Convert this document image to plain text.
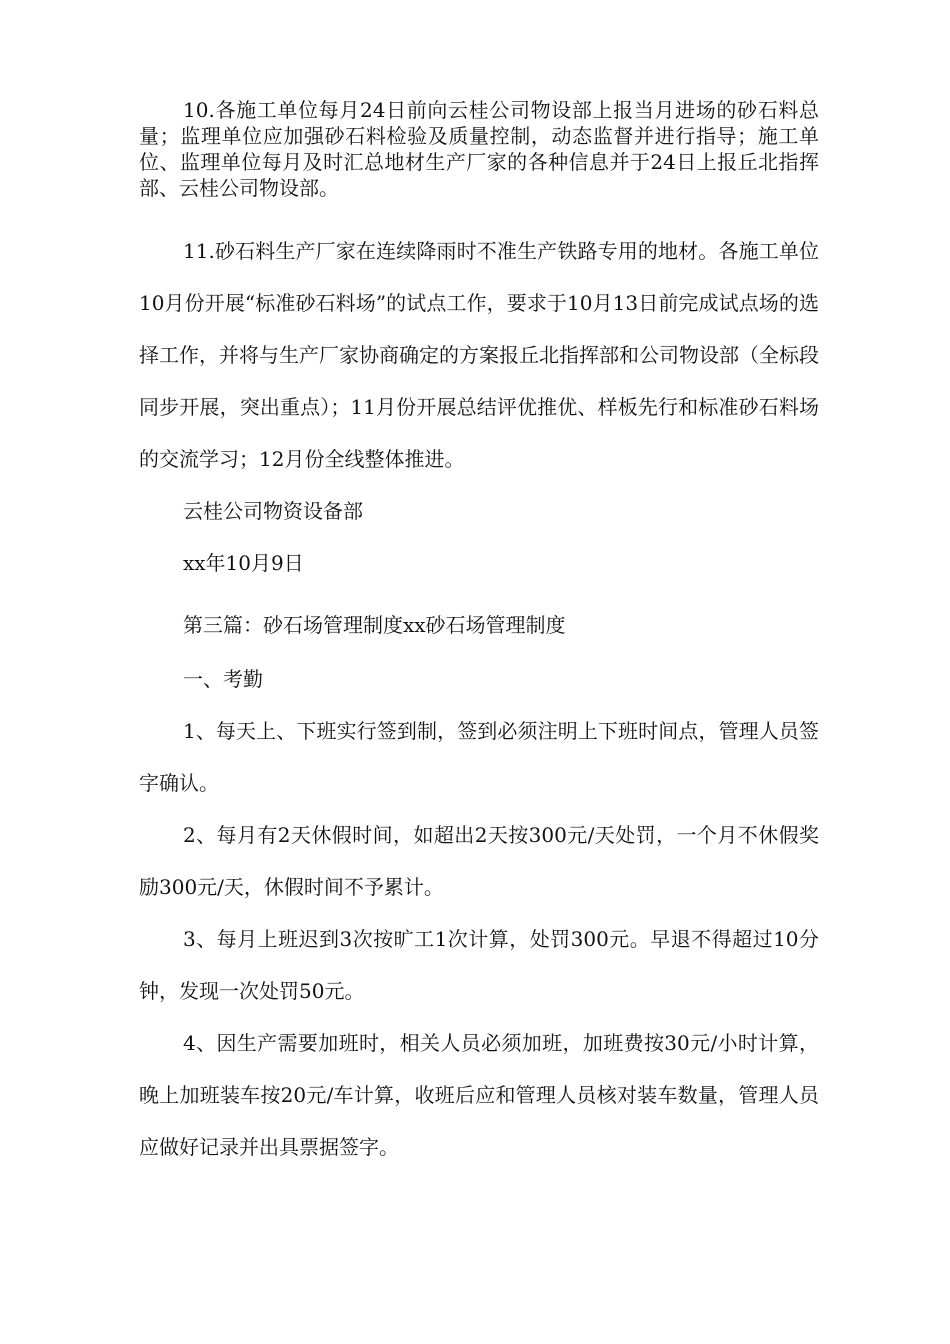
10.各施工单位每月24日前向云桂公司物设部上报当月进场的砂石料总量；监理单位应加强砂石料检验及质量控制，动态监督并进行指导；施工单位、监理单位每月及时汇总地材生产厂家的各种信息并于24日上报丘北指挥部、云桂公司物设部。

11.砂石料生产厂家在连续降雨时不准生产铁路专用的地材。各施工单位10月份开展“标准砂石料场”的试点工作，要求于10月13日前完成试点场的选择工作，并将与生产厂家协商确定的方案报丘北指挥部和公司物设部（全标段同步开展，突出重点）；11月份开展总结评优推优、样板先行和标准砂石料场的交流学习；12月份全线整体推进。

云桂公司物资设备部

xx年10月9日

第三篇：砂石场管理制度xx砂石场管理制度

一、考勤

1、每天上、下班实行签到制，签到必须注明上下班时间点，管理人员签字确认。

2、每月有2天休假时间，如超出2天按300元/天处罚，一个月不休假奖励300元/天，休假时间不予累计。

3、每月上班迟到3次按旷工1次计算，处罚300元。早退不得超过10分钟，发现一次处罚50元。

4、因生产需要加班时，相关人员必须加班，加班费按30元/小时计算，晚上加班装车按20元/车计算，收班后应和管理人员核对装车数量，管理人员应做好记录并出具票据签字。
